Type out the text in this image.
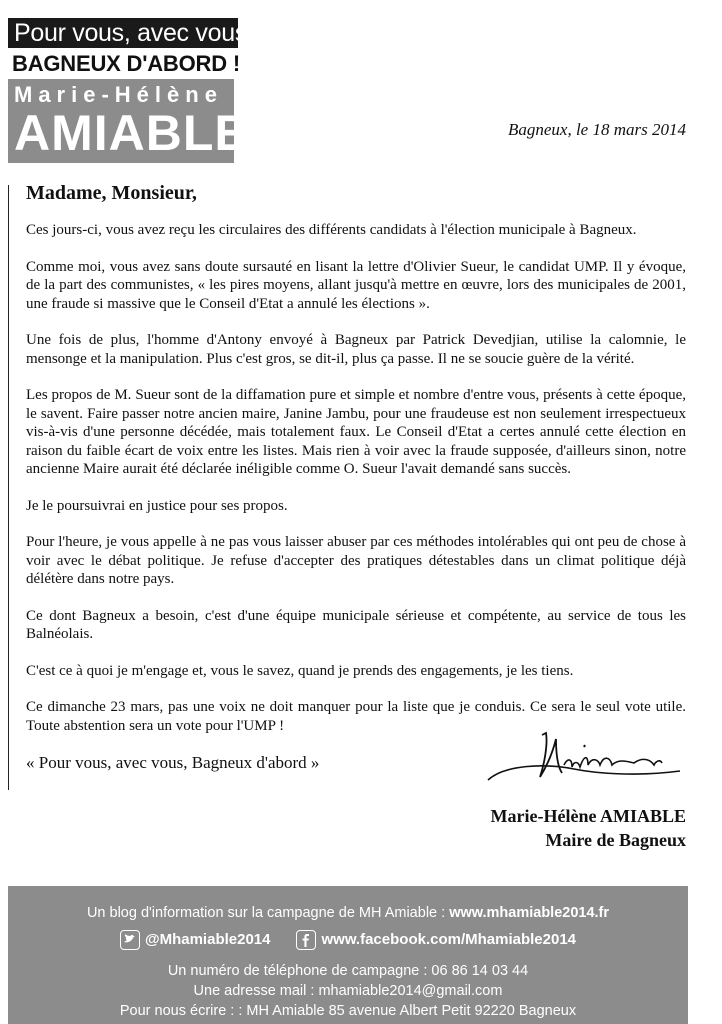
Pour vous, avec vous
BAGNEUX D'ABORD !
Marie-Hélène
AMIABLE	Bagneux, le 18 mars 2014
Madame, Monsieur,

Ces jours-ci, vous avez reçu les circulaires des différents candidats à l'élection municipale à Bagneux.

Comme moi, vous avez sans doute sursauté en lisant la lettre d'Olivier Sueur, le candidat UMP. Il y évoque, de la part des communistes, « les pires moyens, allant jusqu'à mettre en œuvre, lors des municipales de 2001, une fraude si massive que le Conseil d'Etat a annulé les élections ».

Une fois de plus, l'homme d'Antony envoyé à Bagneux par Patrick Devedjian, utilise la calomnie, le mensonge et la manipulation. Plus c'est gros, se dit-il, plus ça passe. Il ne se soucie guère de la vérité.

Les propos de M. Sueur sont de la diffamation pure et simple et nombre d'entre vous, présents à cette époque, le savent. Faire passer notre ancien maire, Janine Jambu, pour une fraudeuse est non seulement irrespectueux vis-à-vis d'une personne décédée, mais totalement faux. Le Conseil d'Etat a certes annulé cette élection en raison du faible écart de voix entre les listes. Mais rien à voir avec la fraude supposée, d'ailleurs sinon, notre ancienne Maire aurait été déclarée inéligible comme O. Sueur l'avait demandé sans succès.

Je le poursuivrai en justice pour ses propos.

Pour l'heure, je vous appelle à ne pas vous laisser abuser par ces méthodes intolérables qui ont peu de chose à voir avec le débat politique. Je refuse d'accepter des pratiques détestables dans un climat politique déjà délétère dans notre pays.

Ce dont Bagneux a besoin, c'est d'une équipe municipale sérieuse et compétente, au service de tous les Balnéolais.

C'est ce à quoi je m'engage et, vous le savez, quand je prends des engagements, je les tiens.

Ce dimanche 23 mars, pas une voix ne doit manquer pour la liste que je conduis. Ce sera le seul vote utile. Toute abstention sera un vote pour l'UMP !

« Pour vous, avec vous, Bagneux d'abord »
Marie-Hélène AMIABLE
Maire de Bagneux
Un blog d'information sur la campagne de MH Amiable : www.mhamiable2014.fr
@Mhamiable2014	www.facebook.com/Mhamiable2014
Un numéro de téléphone de campagne : 06 86 14 03 44
Une adresse mail : mhamiable2014@gmail.com
Pour nous écrire : : MH Amiable 85 avenue Albert Petit 92220 Bagneux
